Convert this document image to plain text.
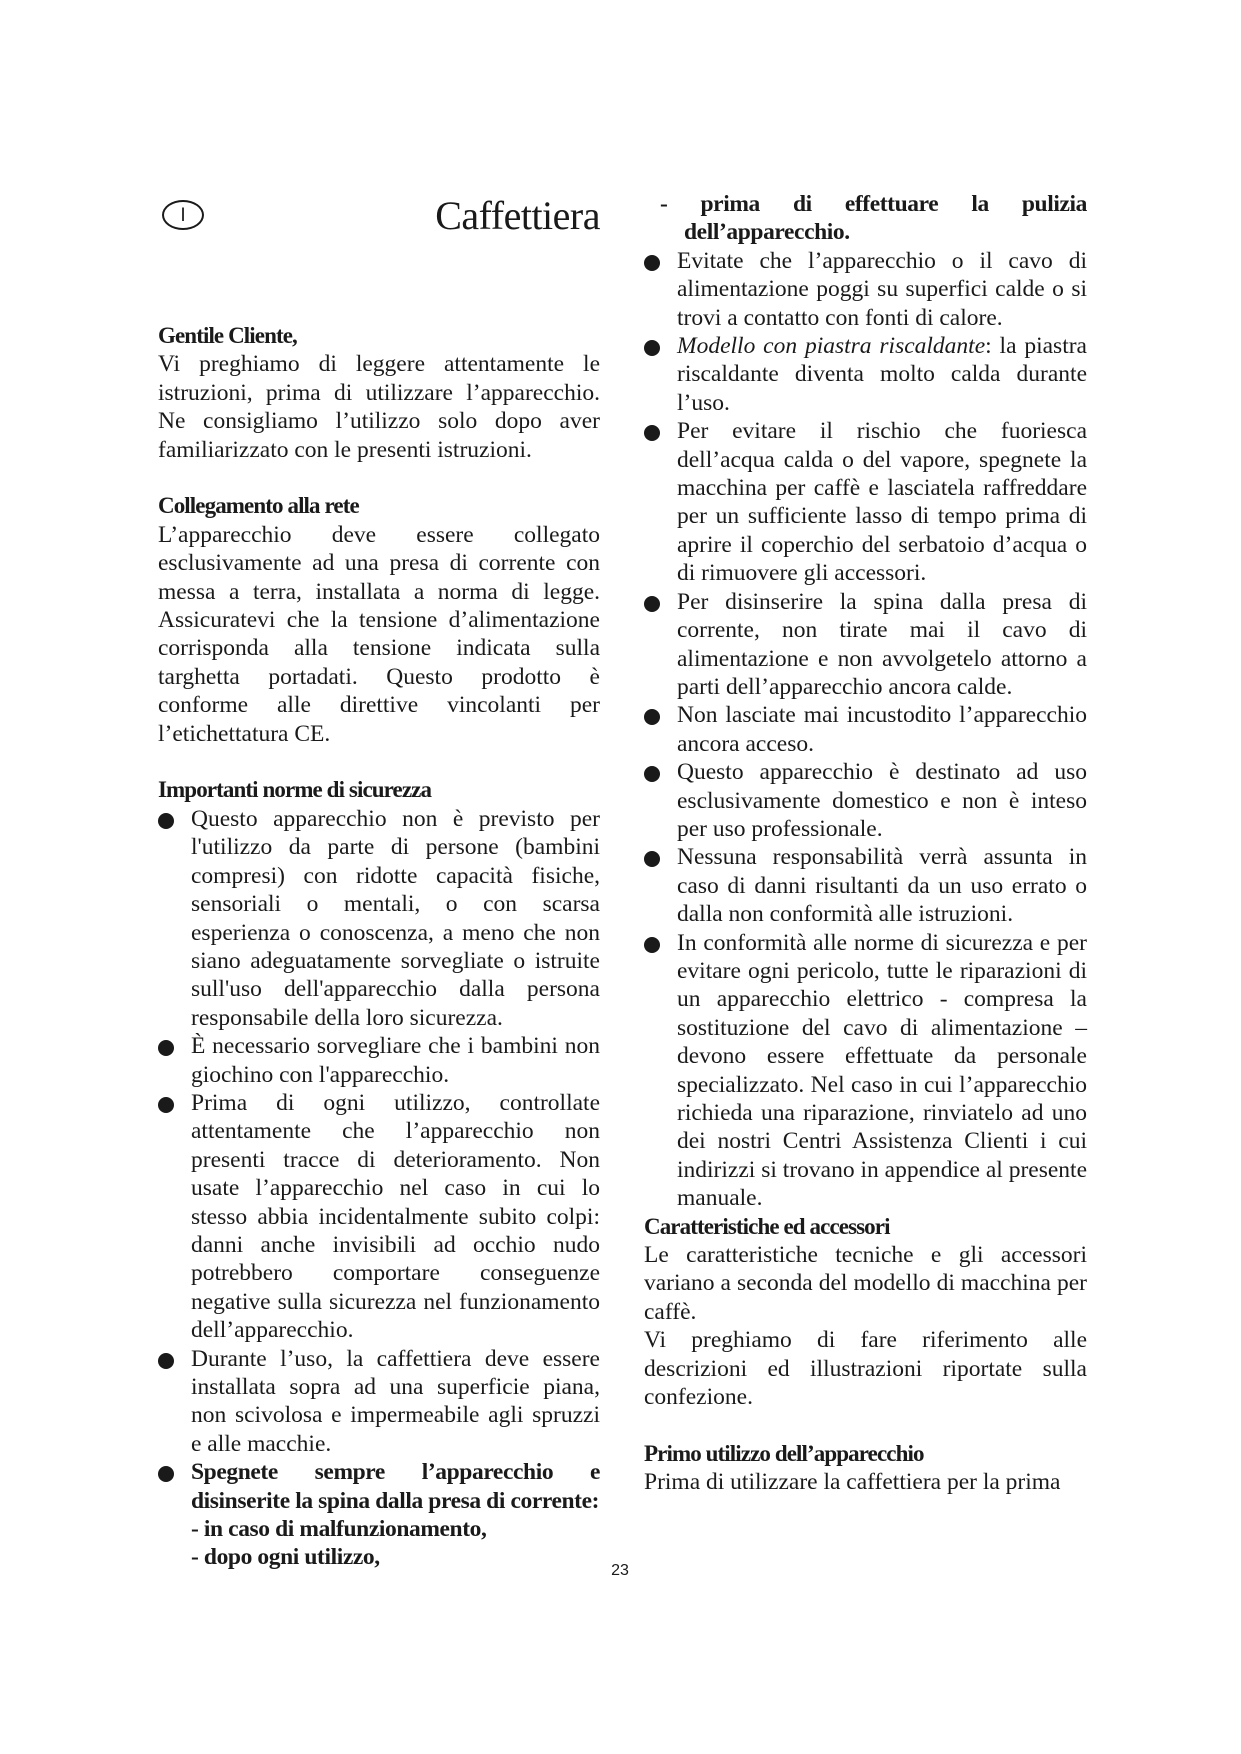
I	Caffettiera
Gentile Cliente,

Vi preghiamo di leggere attentamente le istruzioni, prima di utilizzare l’apparecchio. Ne consigliamo l’utilizzo solo dopo aver familiarizzato con le presenti istruzioni.

Collegamento alla rete

L’apparecchio deve essere collegato esclusivamente ad una presa di corrente con messa a terra, installata a norma di legge. Assicuratevi che la tensione d’alimentazione corrisponda alla tensione indicata sulla targhetta portadati. Questo prodotto è conforme alle direttive vincolanti per l’etichettatura CE.

Importanti norme di sicurezza
Questo apparecchio non è previsto per l'utilizzo da parte di persone (bambini compresi) con ridotte capacità fisiche, sensoriali o mentali, o con scarsa esperienza o conoscenza, a meno che non siano adeguatamente sorvegliate o istruite sull'uso dell'apparecchio dalla persona responsabile della loro sicurezza.
È necessario sorvegliare che i bambini non giochino con l'apparecchio.
Prima di ogni utilizzo, controllate attentamente che l’apparecchio non presenti tracce di deterioramento. Non usate l’apparecchio nel caso in cui lo stesso abbia incidentalmente subito colpi: danni anche invisibili ad occhio nudo potrebbero comportare conseguenze negative sulla sicurezza nel funzionamento dell’apparecchio.
Durante l’uso, la caffettiera deve essere installata sopra ad una superficie piana, non scivolosa e impermeabile agli spruzzi e alle macchie.
Spegnete sempre l’apparecchio e disinserite la spina dalla presa di corrente:
- in caso di malfunzionamento,
- dopo ogni utilizzo,
- prima di effettuare la pulizia dell’apparecchio.
Evitate che l’apparecchio o il cavo di alimentazione poggi su superfici calde o si trovi a contatto con fonti di calore.
Modello con piastra riscaldante: la piastra riscaldante diventa molto calda durante l’uso.
Per evitare il rischio che fuoriesca dell’acqua calda o del vapore, spegnete la macchina per caffè e lasciatela raffreddare per un sufficiente lasso di tempo prima di aprire il coperchio del serbatoio d’acqua o di rimuovere gli accessori.
Per disinserire la spina dalla presa di corrente, non tirate mai il cavo di alimentazione e non avvolgetelo attorno a parti dell’apparecchio ancora calde.
Non lasciate mai incustodito l’apparecchio ancora acceso.
Questo apparecchio è destinato ad uso esclusivamente domestico e non è inteso per uso professionale.
Nessuna responsabilità verrà assunta in caso di danni risultanti da un uso errato o dalla non conformità alle istruzioni.
In conformità alle norme di sicurezza e per evitare ogni pericolo, tutte le riparazioni di un apparecchio elettrico - compresa la sostituzione del cavo di alimentazione – devono essere effettuate da personale specializzato. Nel caso in cui l’apparecchio richieda una riparazione, rinviatelo ad uno dei nostri Centri Assistenza Clienti i cui indirizzi si trovano in appendice al presente manuale.
Caratteristiche ed accessori

Le caratteristiche tecniche e gli accessori variano a seconda del modello di macchina per caffè.

Vi preghiamo di fare riferimento alle descrizioni ed illustrazioni riportate sulla confezione.

Primo utilizzo dell’apparecchio

Prima di utilizzare la caffettiera per la prima

23
